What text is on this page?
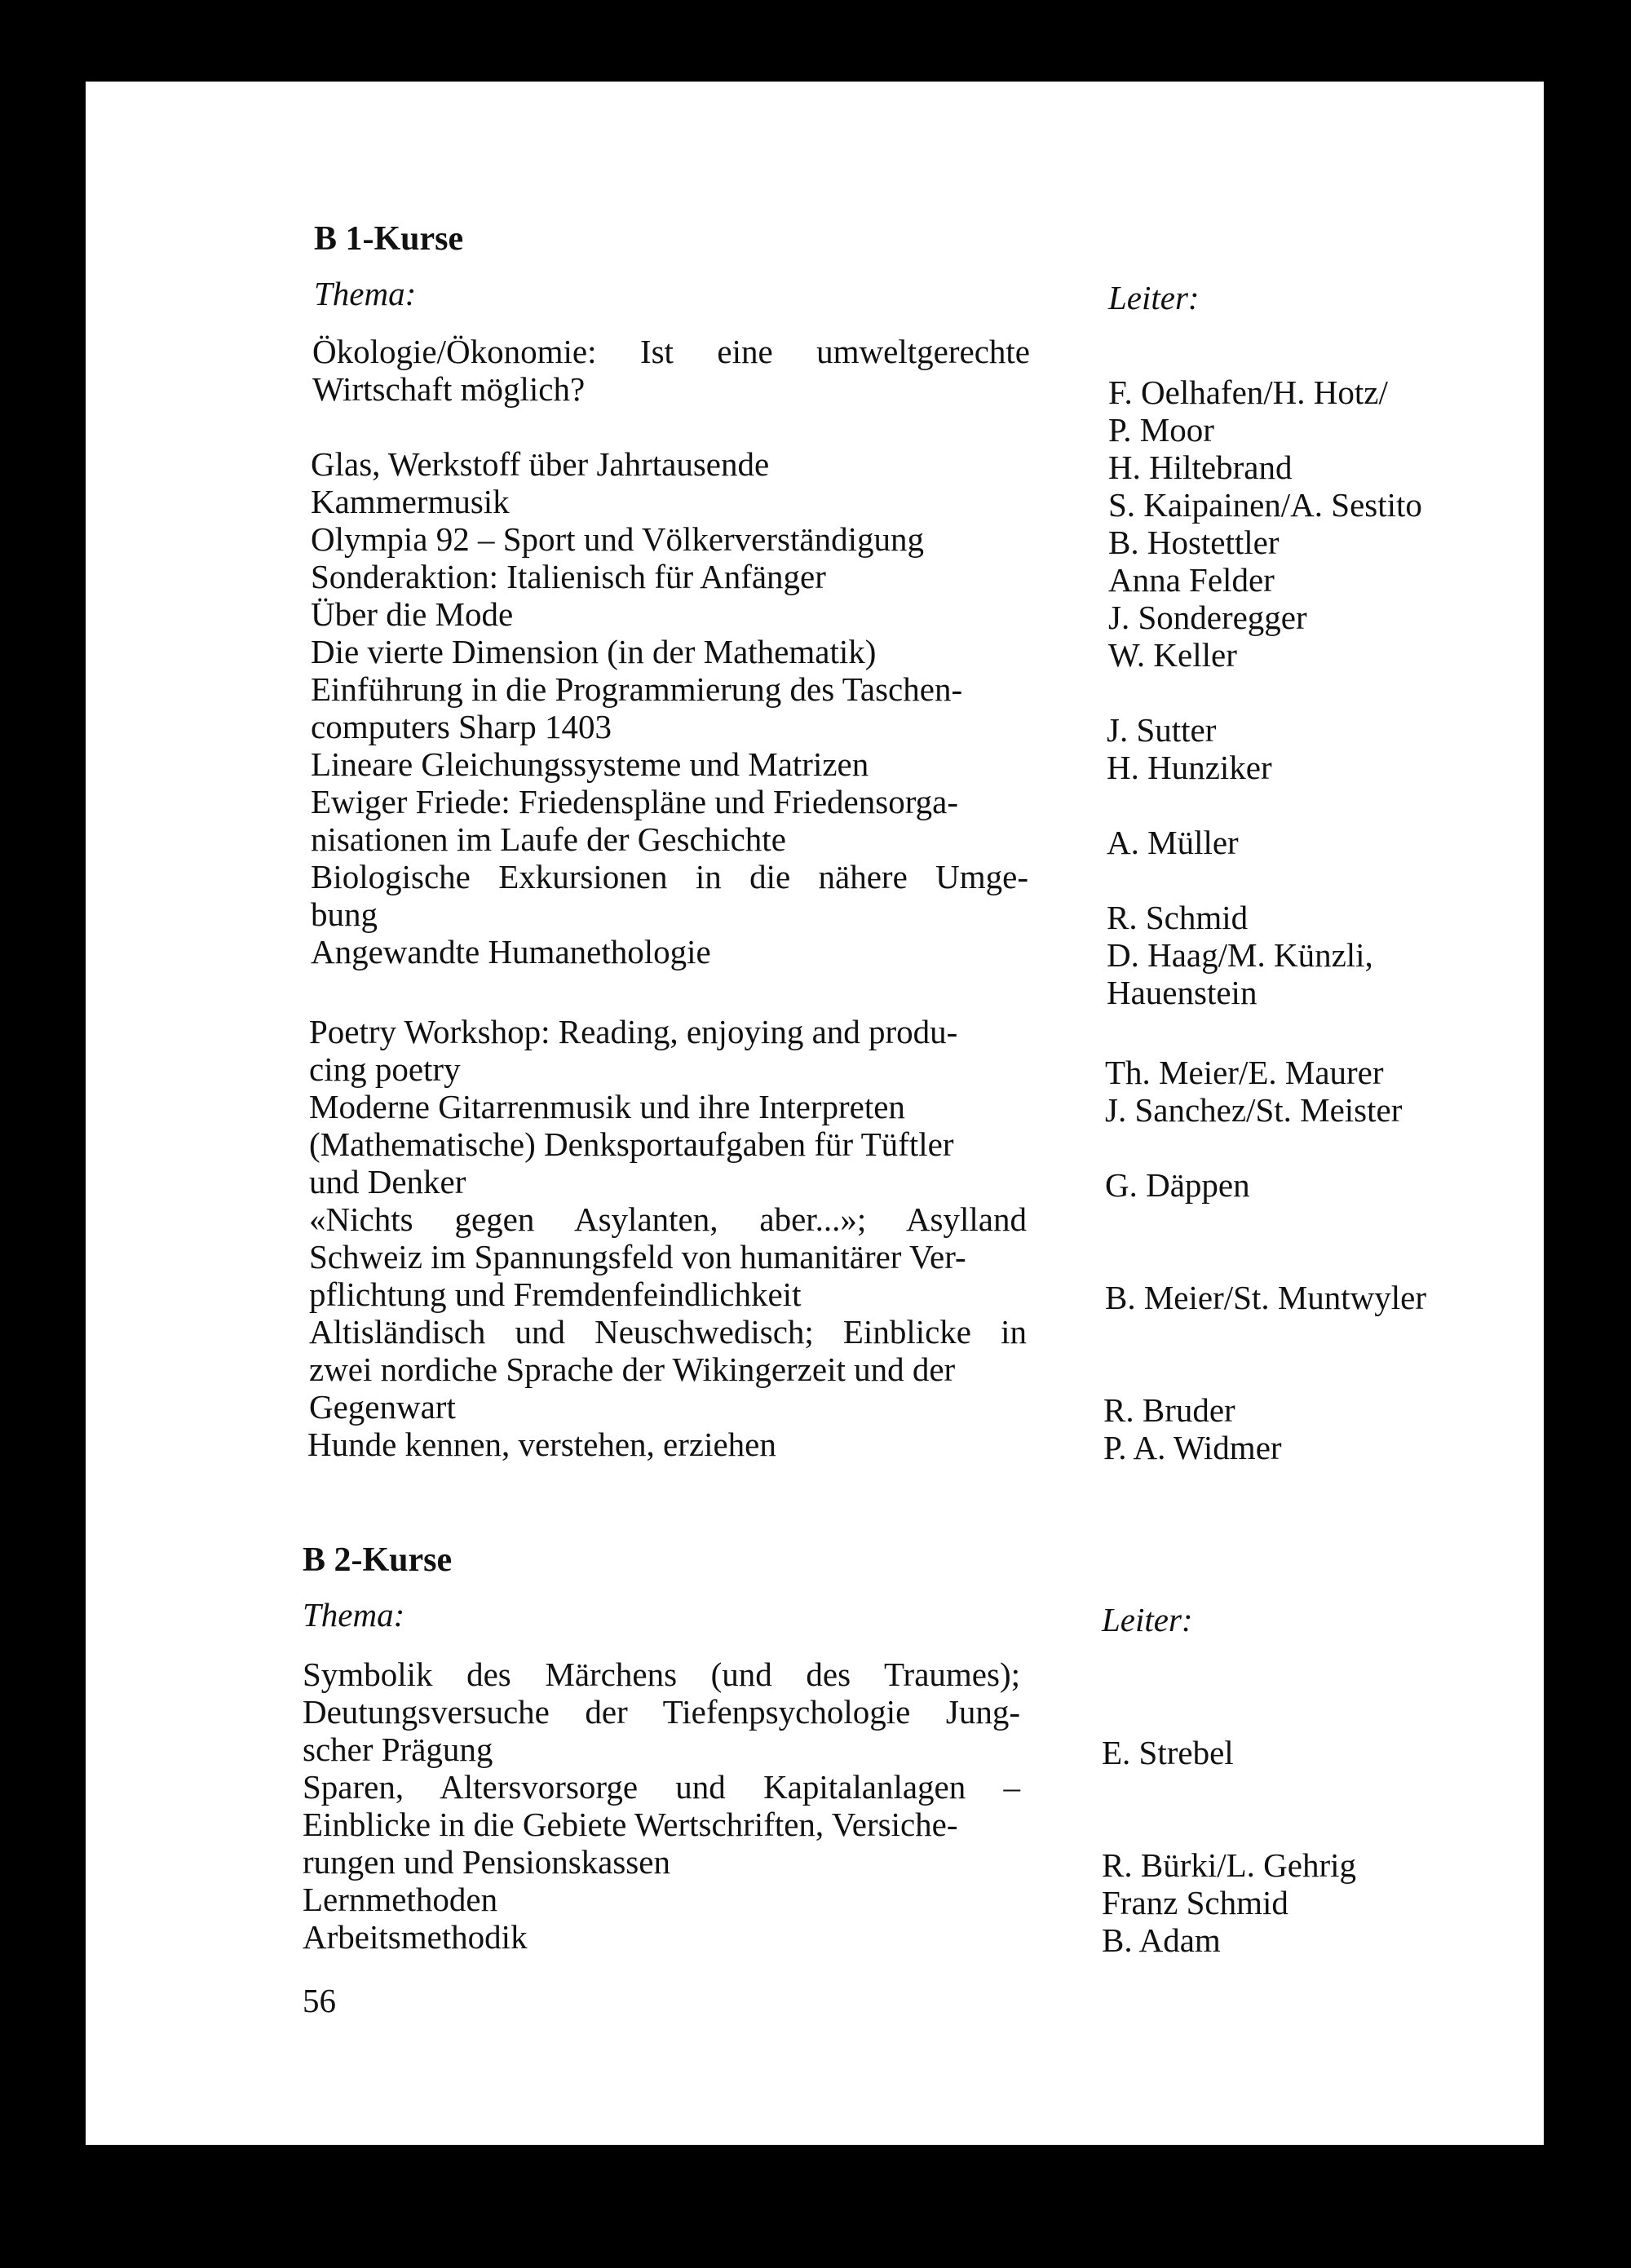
B 1-Kurse
Thema:	Leiter:
Ökologie/Ökonomie: Ist eine umweltgerechte
Wirtschaft möglich?
Glas, Werkstoff über Jahrtausende
Kammermusik
Olympia 92 – Sport und Völkerverständigung
Sonderaktion: Italienisch für Anfänger
Über die Mode
Die vierte Dimension (in der Mathematik)
Einführung in die Programmierung des Taschen-
computers Sharp 1403
Lineare Gleichungssysteme und Matrizen
Ewiger Friede: Friedenspläne und Friedensorga-
nisationen im Laufe der Geschichte
Biologische Exkursionen in die nähere Umge-
bung
Angewandte Humanethologie
Poetry Workshop: Reading, enjoying and produ-
cing poetry
Moderne Gitarrenmusik und ihre Interpreten
(Mathematische) Denksportaufgaben für Tüftler
und Denker
«Nichts gegen Asylanten, aber...»; Asylland
Schweiz im Spannungsfeld von humanitärer Ver-
pflichtung und Fremdenfeindlichkeit
Altisländisch und Neuschwedisch; Einblicke in
zwei nordiche Sprache der Wikingerzeit und der
Gegenwart
Hunde kennen, verstehen, erziehen
F. Oelhafen/H. Hotz/
P. Moor
H. Hiltebrand
S. Kaipainen/A. Sestito
B. Hostettler
Anna Felder
J. Sonderegger
W. Keller
J. Sutter
H. Hunziker
A. Müller
R. Schmid
D. Haag/M. Künzli,
Hauenstein
Th. Meier/E. Maurer
J. Sanchez/St. Meister
G. Däppen
B. Meier/St. Muntwyler
R. Bruder
P. A. Widmer
B 2-Kurse
Thema:	Leiter:
Symbolik des Märchens (und des Traumes);
Deutungsversuche der Tiefenpsychologie Jung-
scher Prägung
Sparen, Altersvorsorge und Kapitalanlagen –
Einblicke in die Gebiete Wertschriften, Versiche-
rungen und Pensionskassen
Lernmethoden
Arbeitsmethodik
E. Strebel
R. Bürki/L. Gehrig
Franz Schmid
B. Adam
56
